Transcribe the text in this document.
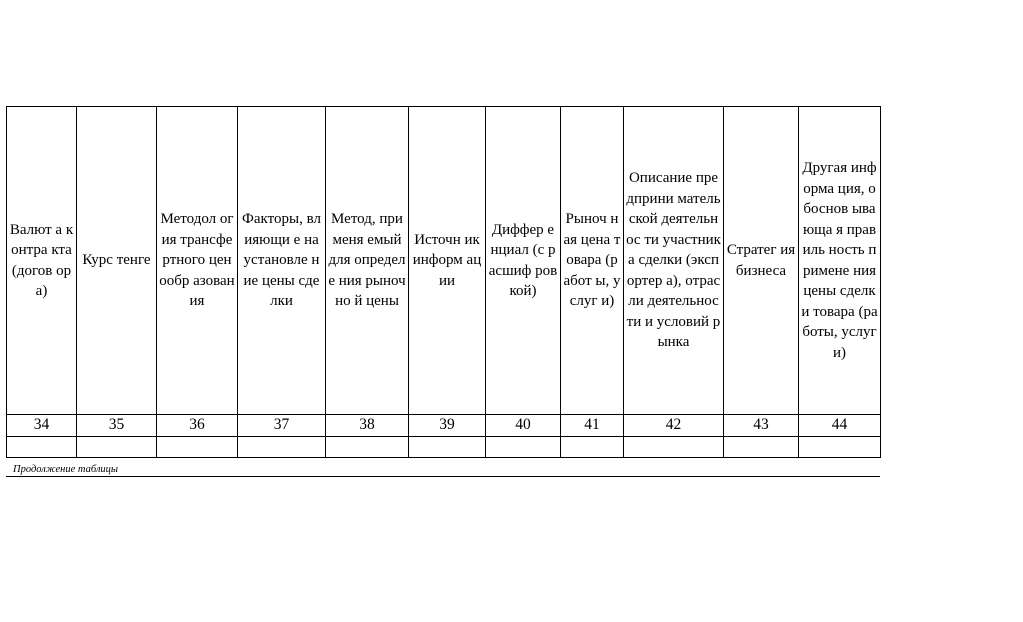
Валют а контра кта (догов ора)	Курс тенге	Методол огия трансфе ртного ценообр азования	Факторы, влияющи е на установле ние цены сделки	Метод, применя емый для определе ния рыночно й цены	Источн ик информ ации	Диффер енциал (с расшиф ровкой)	Рыноч ная цена товара (работ ы, услуг и)	Описание предприни мательской деятельнос ти участника сделки (экспортер а), отрасли деятельнос ти и условий рынка	Стратег ия бизнеса	Другая информа ция, обоснов ывающа я правиль ность примене ния цены сделки товара (работы, услуги)
34	35	36	37	38	39	40	41	42	43	44

Продолжение таблицы
